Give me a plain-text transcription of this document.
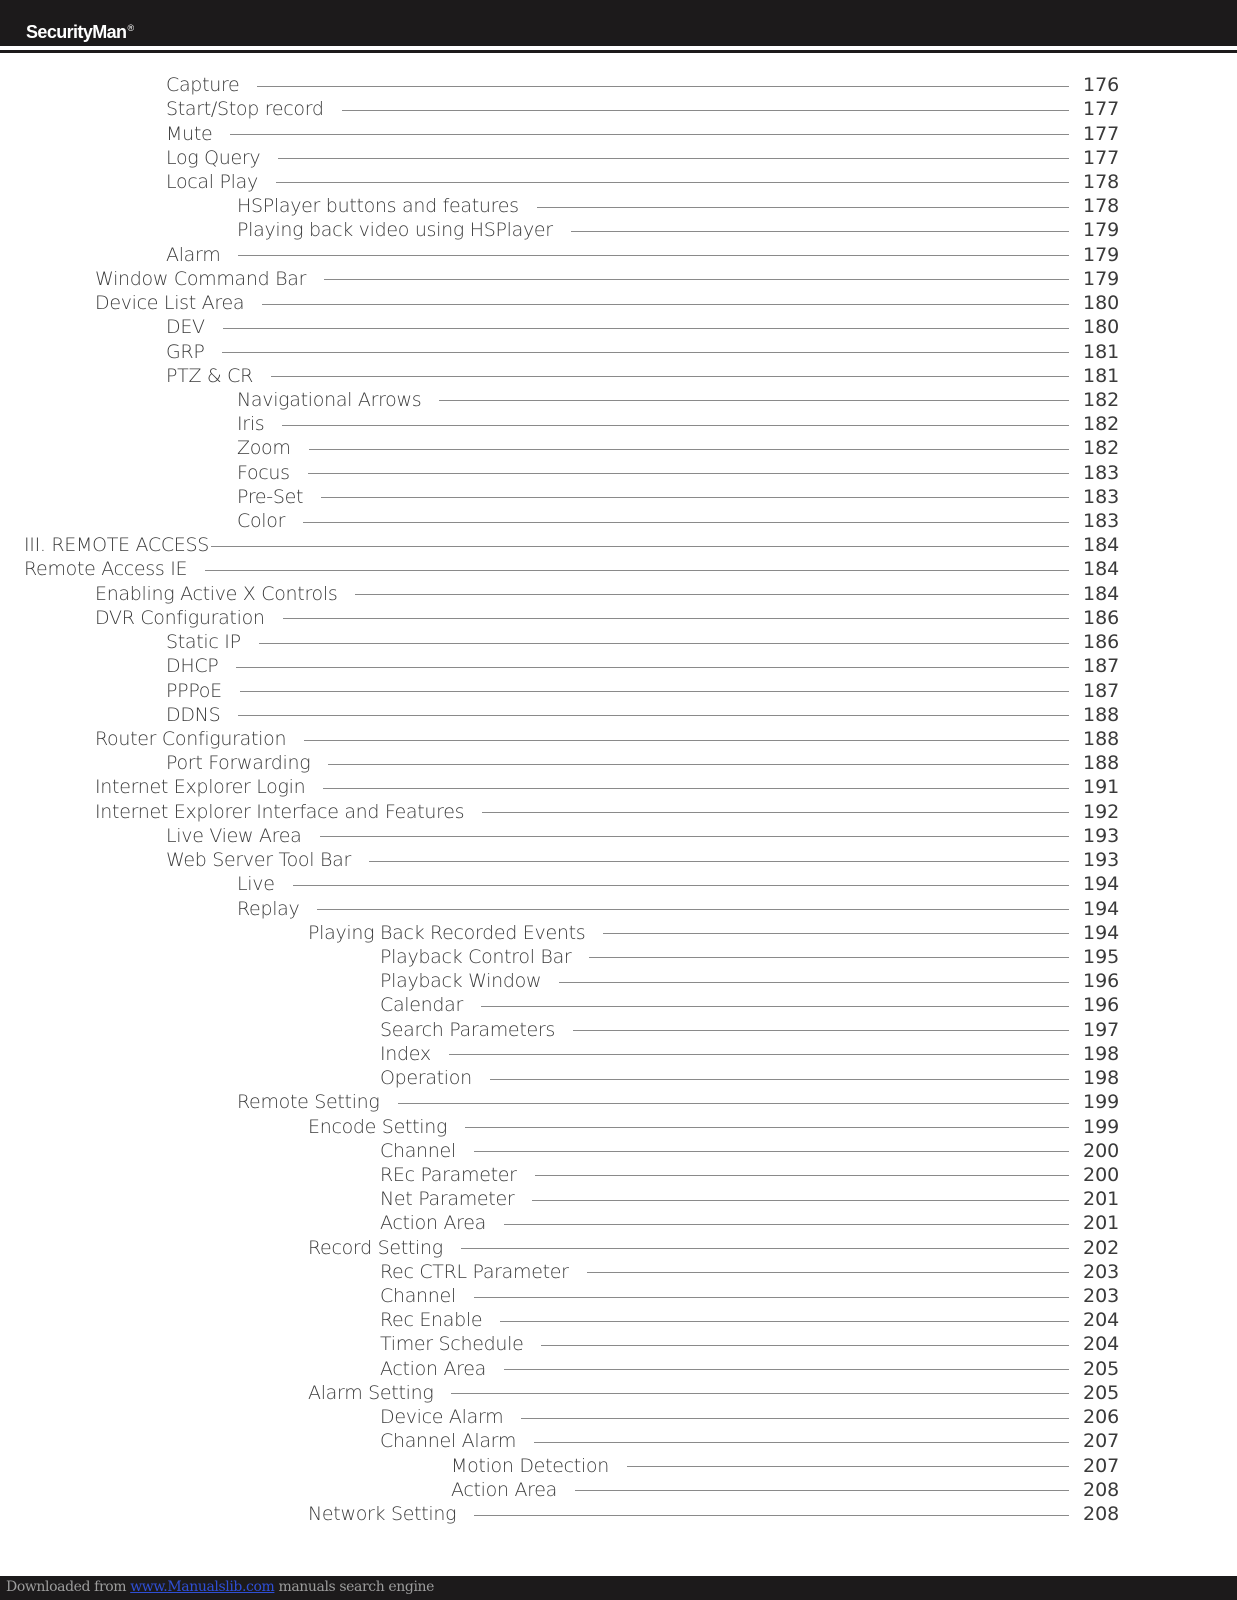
SecurityMan®
Capture	176
Start/Stop record	177
Mute	177
Log Query	177
Local Play	178
HSPlayer buttons and features	178
Playing back video using HSPlayer	179
Alarm	179
Window Command Bar	179
Device List Area	180
DEV	180
GRP	181
PTZ & CR	181
Navigational Arrows	182
Iris	182
Zoom	182
Focus	183
Pre-Set	183
Color	183
III. REMOTE ACCESS	184
Remote Access IE	184
Enabling Active X Controls	184
DVR Configuration	186
Static IP	186
DHCP	187
PPPoE	187
DDNS	188
Router Configuration	188
Port Forwarding	188
Internet Explorer Login	191
Internet Explorer Interface and Features	192
Live View Area	193
Web Server Tool Bar	193
Live	194
Replay	194
Playing Back Recorded Events	194
Playback Control Bar	195
Playback Window	196
Calendar	196
Search Parameters	197
Index	198
Operation	198
Remote Setting	199
Encode Setting	199
Channel	200
REc Parameter	200
Net Parameter	201
Action Area	201
Record Setting	202
Rec CTRL Parameter	203
Channel	203
Rec Enable	204
Timer Schedule	204
Action Area	205
Alarm Setting	205
Device Alarm	206
Channel Alarm	207
Motion Detection	207
Action Area	208
Network Setting	208
Downloaded from www.Manualslib.com manuals search engine
